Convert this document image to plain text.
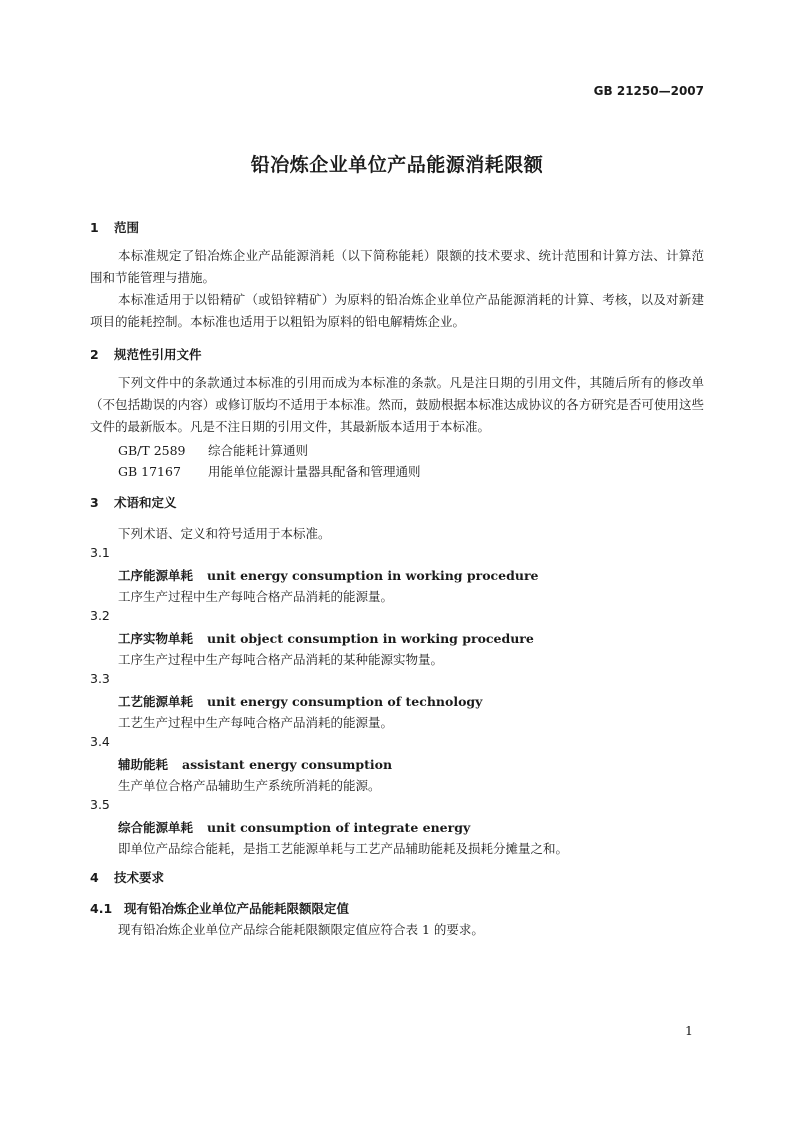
GB 21250—2007
铅冶炼企业单位产品能源消耗限额
1 范围
本标准规定了铅冶炼企业产品能源消耗（以下简称能耗）限额的技术要求、统计范围和计算方法、计算范围和节能管理与措施。
本标准适用于以铅精矿（或铅锌精矿）为原料的铅冶炼企业单位产品能源消耗的计算、考核，以及对新建项目的能耗控制。本标准也适用于以粗铅为原料的铅电解精炼企业。
2 规范性引用文件
下列文件中的条款通过本标准的引用而成为本标准的条款。凡是注日期的引用文件，其随后所有的修改单（不包括勘误的内容）或修订版均不适用于本标准。然而，鼓励根据本标准达成协议的各方研究是否可使用这些文件的最新版本。凡是不注日期的引用文件，其最新版本适用于本标准。
GB/T 2589 综合能耗计算通则
GB 17167 用能单位能源计量器具配备和管理通则
3 术语和定义
下列术语、定义和符号适用于本标准。
3.1
工序能源单耗 unit energy consumption in working procedure
工序生产过程中生产每吨合格产品消耗的能源量。
3.2
工序实物单耗 unit object consumption in working procedure
工序生产过程中生产每吨合格产品消耗的某种能源实物量。
3.3
工艺能源单耗 unit energy consumption of technology
工艺生产过程中生产每吨合格产品消耗的能源量。
3.4
辅助能耗 assistant energy consumption
生产单位合格产品辅助生产系统所消耗的能源。
3.5
综合能源单耗 unit consumption of integrate energy
即单位产品综合能耗，是指工艺能源单耗与工艺产品辅助能耗及损耗分摊量之和。
4 技术要求
4.1 现有铅冶炼企业单位产品能耗限额限定值
现有铅冶炼企业单位产品综合能耗限额限定值应符合表 1 的要求。
1
